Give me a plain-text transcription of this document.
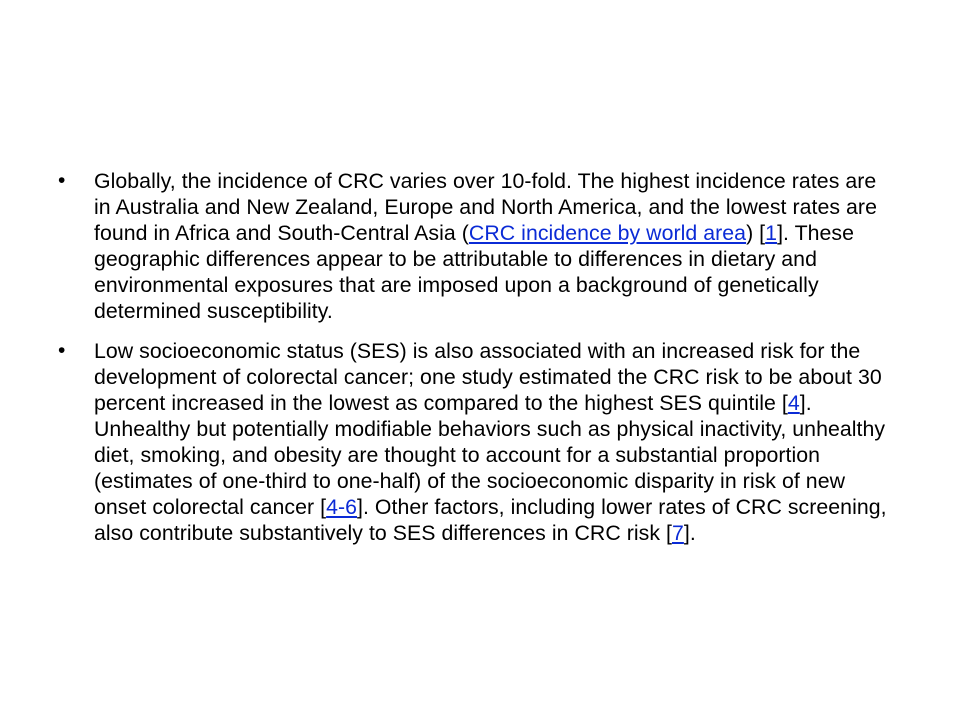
•	Globally, the incidence of CRC varies over 10-fold. The highest incidence rates are in Australia and New Zealand, Europe and North America, and the lowest rates are found in Africa and South-Central Asia (CRC incidence by world area) [1]. These geographic differences appear to be attributable to differences in dietary and environmental exposures that are imposed upon a background of genetically determined susceptibility.
•	Low socioeconomic status (SES) is also associated with an increased risk for the development of colorectal cancer; one study estimated the CRC risk to be about 30 percent increased in the lowest as compared to the highest SES quintile [4]. Unhealthy but potentially modifiable behaviors such as physical inactivity, unhealthy diet, smoking, and obesity are thought to account for a substantial proportion (estimates of one-third to one-half) of the socioeconomic disparity in risk of new onset colorectal cancer [4-6]. Other factors, including lower rates of CRC screening, also contribute substantively to SES differences in CRC risk [7].
